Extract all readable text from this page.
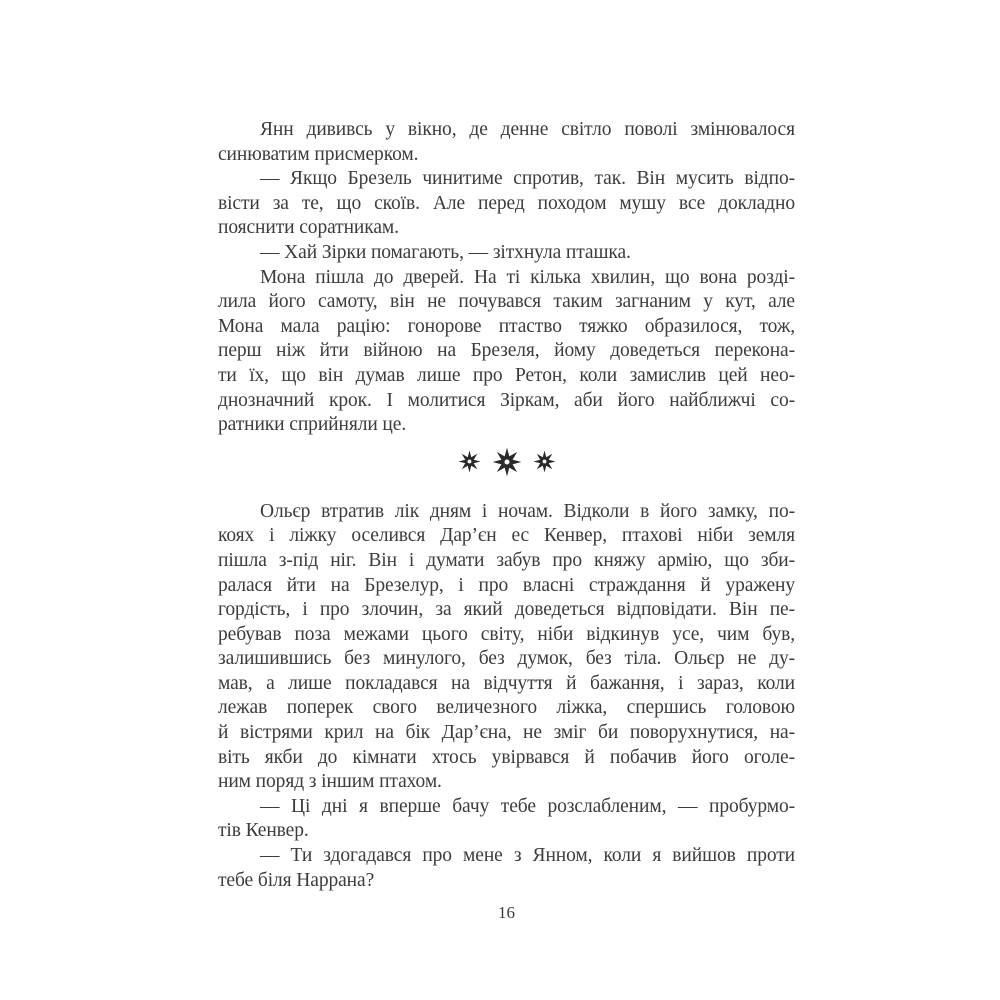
Янн дививсь у вікно, де денне світло поволі змінювалося
синюватим присмерком.

— Якщо Брезель чинитиме спротив, так. Він мусить відпо-
вісти за те, що скоїв. Але перед походом мушу все докладно
пояснити соратникам.

— Хай Зірки помагають, — зітхнула пташка.

Мона пішла до дверей. На ті кілька хвилин, що вона розді-
лила його самоту, він не почувався таким загнаним у кут, але
Мона мала рацію: гонорове птаство тяжко образилося, тож,
перш ніж йти війною на Брезеля, йому доведеться перекона-
ти їх, що він думав лише про Ретон, коли замислив цей нео-
днозначний крок. І молитися Зіркам, аби його найближчі со-
ратники сприйняли це.

Ольєр втратив лік дням і ночам. Відколи в його замку, по-
коях і ліжку оселився Дар’єн ес Кенвер, птахові ніби земля
пішла з-під ніг. Він і думати забув про княжу армію, що зби-
ралася йти на Брезелур, і про власні страждання й уражену
гордість, і про злочин, за який доведеться відповідати. Він пе-
ребував поза межами цього світу, ніби відкинув усе, чим був,
залишившись без минулого, без думок, без тіла. Ольєр не ду-
мав, а лише покладався на відчуття й бажання, і зараз, коли
лежав поперек свого величезного ліжка, спершись головою
й вістрями крил на бік Дар’єна, не зміг би поворухнутися, на-
віть якби до кімнати хтось увірвався й побачив його оголе-
ним поряд з іншим птахом.

— Ці дні я вперше бачу тебе розслабленим, — пробурмо-
тів Кенвер.

— Ти здогадався про мене з Янном, коли я вийшов проти
тебе біля Наррана?

16
